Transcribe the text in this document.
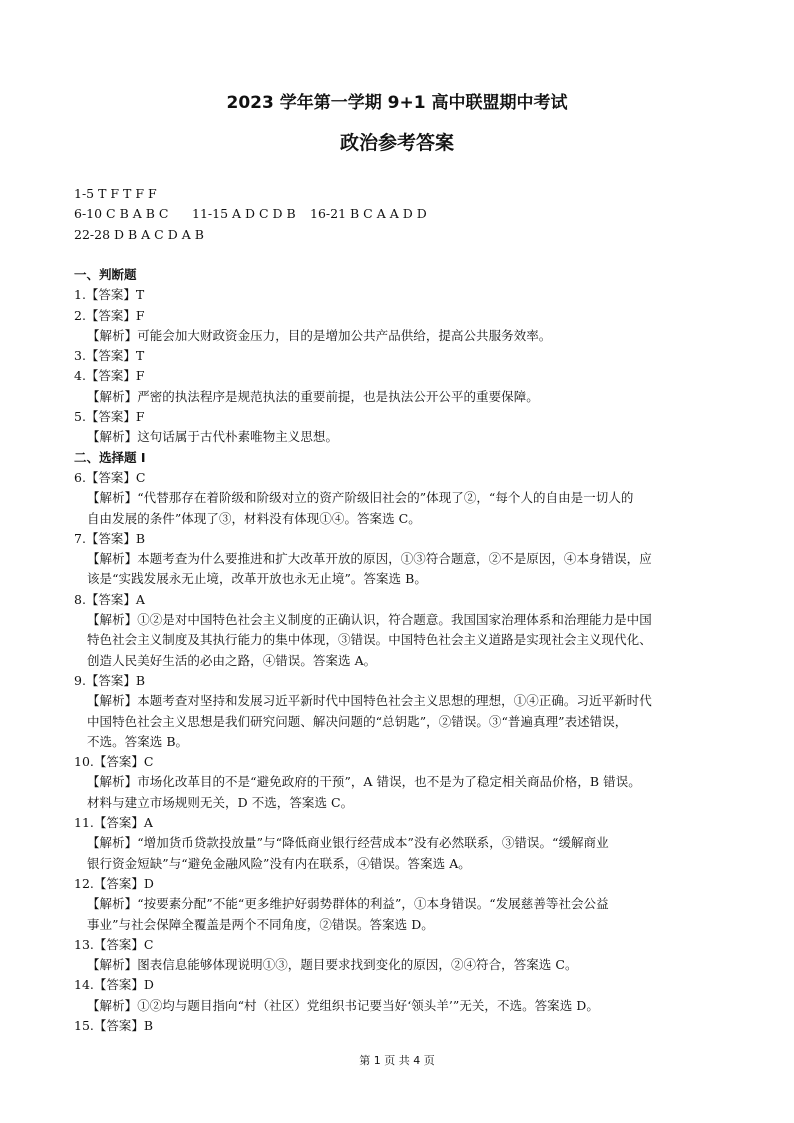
2023 学年第一学期 9+1 高中联盟期中考试
政治参考答案
1-5 T F T F F
6-10 C B A B C 11-15 A D C D B 16-21 B C A A D D
22-28 D B A C D A B
一、判断题
1.【答案】T
2.【答案】F
【解析】可能会加大财政资金压力，目的是增加公共产品供给，提高公共服务效率。
3.【答案】T
4.【答案】F
【解析】严密的执法程序是规范执法的重要前提，也是执法公开公平的重要保障。
5.【答案】F
【解析】这句话属于古代朴素唯物主义思想。
二、选择题 I
6.【答案】C
【解析】“代替那存在着阶级和阶级对立的资产阶级旧社会的”体现了②，“每个人的自由是一切人的
自由发展的条件”体现了③，材料没有体现①④。答案选 C。
7.【答案】B
【解析】本题考查为什么要推进和扩大改革开放的原因，①③符合题意，②不是原因，④本身错误，应
该是“实践发展永无止境，改革开放也永无止境”。答案选 B。
8.【答案】A
【解析】①②是对中国特色社会主义制度的正确认识，符合题意。我国国家治理体系和治理能力是中国
特色社会主义制度及其执行能力的集中体现，③错误。中国特色社会主义道路是实现社会主义现代化、
创造人民美好生活的必由之路，④错误。答案选 A。
9.【答案】B
【解析】本题考查对坚持和发展习近平新时代中国特色社会主义思想的理想，①④正确。习近平新时代
中国特色社会主义思想是我们研究问题、解决问题的“总钥匙”，②错误。③“普遍真理”表述错误，
不选。答案选 B。
10.【答案】C
【解析】市场化改革目的不是“避免政府的干预”，A 错误，也不是为了稳定相关商品价格，B 错误。
材料与建立市场规则无关，D 不选，答案选 C。
11.【答案】A
【解析】“增加货币贷款投放量”与“降低商业银行经营成本”没有必然联系，③错误。“缓解商业
银行资金短缺”与“避免金融风险”没有内在联系，④错误。答案选 A。
12.【答案】D
【解析】“按要素分配”不能“更多维护好弱势群体的利益”，①本身错误。“发展慈善等社会公益
事业”与社会保障全覆盖是两个不同角度，②错误。答案选 D。
13.【答案】C
【解析】图表信息能够体现说明①③，题目要求找到变化的原因，②④符合，答案选 C。
14.【答案】D
【解析】①②均与题目指向“村（社区）党组织书记要当好‘领头羊’”无关，不选。答案选 D。
15.【答案】B
第 1 页 共 4 页
